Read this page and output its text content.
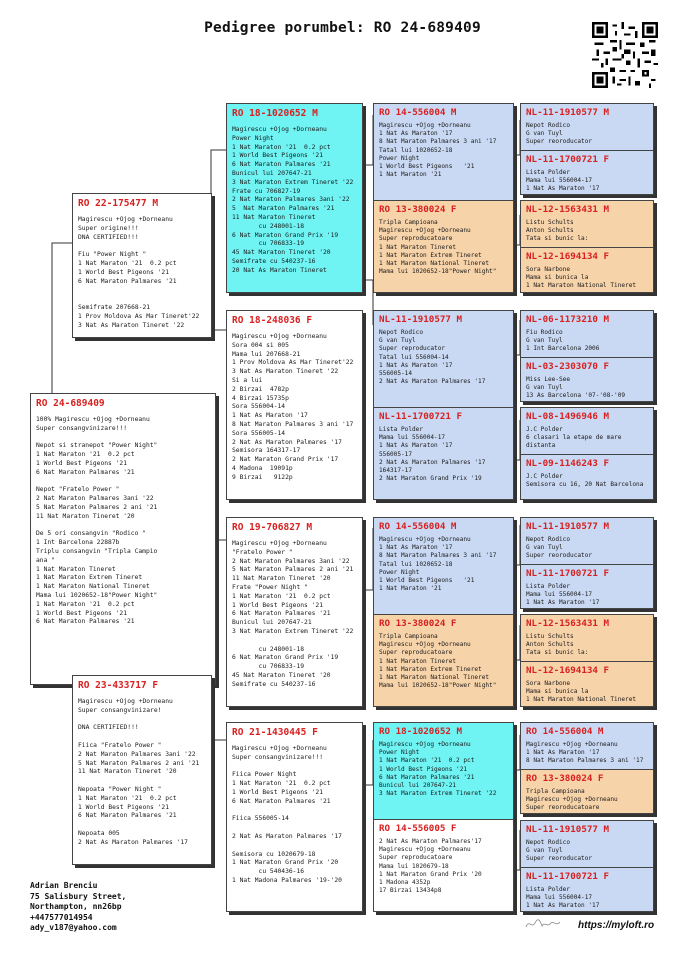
Pedigree porumbel: RO 24-689409
RO 24-689409
100% Magirescu +Ojog +Dorneanu
Super consangvinizare!!!

Nepot si stranepot "Power Night"
1 Nat Maraton '21  0.2 pct
1 World Best Pigeons '21
6 Nat Maraton Palmares '21

Nepot "Fratelo Power "
2 Nat Maraton Palmares 3ani '22
5 Nat Maraton Palmares 2 ani '21
11 Nat Maraton Tineret '20

De 5 ori consangvin "Rodico "
1 Int Barcelona 22887b
Triplu consangvin "Tripla Campio
ana "
1 Nat Maraton Tineret
1 Nat Maraton Extrem Tineret
1 Nat Maraton National Tineret
Mama lui 1020652-18"Power Night"
1 Nat Maraton '21  0.2 pct
1 World Best Pigeons '21
6 Nat Maraton Palmares '21
RO 22-175477 M
Magirescu +Ojog +Dorneanu
Super origine!!!
DNA CERTIFIED!!!

Fiu "Power Night "
1 Nat Maraton '21  0.2 pct
1 World Best Pigeons '21
6 Nat Maraton Palmares '21

Semifrate 207668-21
1 Prov Moldova As Mar Tineret'22
3 Nat As Maraton Tineret '22
RO 23-433717 F
Magirescu +Ojog +Dorneanu
Super consangvinizare!

DNA CERTIFIED!!!

Fiica "Fratelo Power "
2 Nat Maraton Palmares 3ani '22
5 Nat Maraton Palmares 2 ani '21
11 Nat Maraton Tineret '20

Nepoata "Power Night "
1 Nat Maraton '21  0.2 pct
1 World Best Pigeons '21
6 Nat Maraton Palmares '21

Nepoata 005
2 Nat As Maraton Palmares '17
RO 18-1020652 M
Magirescu +Ojog +Dorneanu
Power Night
1 Nat Maraton '21  0.2 pct
1 World Best Pigeons '21
6 Nat Maraton Palmares '21
Bunicul lui 207647-21
3 Nat Maraton Extrem Tineret '22
Frate cu 706827-19
2 Nat Maraton Palmares 3ani '22
5  Nat Maraton Palmares '21
11 Nat Maraton Tineret
cu 248001-18
6 Nat Maraton Grand Prix '19
cu 706833-19
45 Nat Maraton Tineret '20
Semifrate cu 540237-16
20 Nat As Maraton Tineret
RO 18-248036 F
Magirescu +Ojog +Dorneanu
Sora 004 si 005
Mama lui 207668-21
1 Prov Moldova As Mar Tineret'22
3 Nat As Maraton Tineret '22
Si a lui
2 Birzai  4782p
4 Birzai 15735p
Sora 556004-14
1 Nat As Maraton '17
8 Nat Maraton Palmares 3 ani '17
Sora 556005-14
2 Nat As Maraton Palmares '17
Semisora 164317-17
2 Nat Maraton Grand Prix '17
4 Madona  19091p
9 Birzai   9122p
RO 19-706827 M
Magirescu +Ojog +Dorneanu
"Fratelo Power "
2 Nat Maraton Palmares 3ani '22
5 Nat Maraton Palmares 2 ani '21
11 Nat Maraton Tineret '20
Frate "Power Night "
1 Nat Maraton '21  0.2 pct
1 World Best Pigeons '21
6 Nat Maraton Palmares '21
Bunicul lui 207647-21
3 Nat Maraton Extrem Tineret '22

cu 248001-18
6 Nat Maraton Grand Prix '19
cu 706833-19
45 Nat Maraton Tineret '20
Semifrate cu 540237-16
RO 21-1430445 F
Magirescu +Ojog +Dorneanu
Super consangvinizare!!!

Fiica Power Night
1 Nat Maraton '21  0.2 pct
1 World Best Pigeons '21
6 Nat Maraton Palmares '21

Fiica 556005-14

2 Nat As Maraton Palmares '17

Semisora cu 1020679-18
1 Nat Maraton Grand Prix '20
cu 540436-16
1 Nat Madona Palmares '19-'20
RO 14-556004 M
Magirescu +Ojog +Dorneanu
1 Nat As Maraton '17
8 Nat Maraton Palmares 3 ani '17
Tatal lui 1020652-18
Power Night
1 World Best Pigeons   '21
1 Nat Maraton '21
RO 13-380024 F
Tripla Campioana
Magirescu +Ojog +Dorneanu
Super reproducatoare
1 Nat Maraton Tineret
1 Nat Maraton Extrem Tineret
1 Nat Maraton National Tineret
Mama lui 1020652-18"Power Night"
NL-11-1910577 M
Nepot Rodico
G van Tuyl
Super reproducator
Tatal lui 556004-14
1 Nat As Maraton '17
556005-14
2 Nat As Maraton Palmares '17
NL-11-1700721 F
Lista Polder
Mama lui 556004-17
1 Nat As Maraton '17
556005-17
2 Nat As Maraton Palmares '17
164317-17
2 Nat Maraton Grand Prix '19
RO 14-556004 M
Magirescu +Ojog +Dorneanu
1 Nat As Maraton '17
8 Nat Maraton Palmares 3 ani '17
Tatal lui 1020652-18
Power Night
1 World Best Pigeons   '21
1 Nat Maraton '21
RO 13-380024 F
Tripla Campioana
Magirescu +Ojog +Dorneanu
Super reproducatoare
1 Nat Maraton Tineret
1 Nat Maraton Extrem Tineret
1 Nat Maraton National Tineret
Mama lui 1020652-18"Power Night"
RO 18-1020652 M
Magirescu +Ojog +Dorneanu
Power Night
1 Nat Maraton '21  0.2 pct
1 World Best Pigeons '21
6 Nat Maraton Palmares '21
Bunicul lui 207647-21
3 Nat Maraton Extrem Tineret '22
RO 14-556005 F
2 Nat As Maraton Palmares'17
Magirescu +Ojog +Dorneanu
Super reproducatoare
Mama lui 1020679-18
1 Nat Maraton Grand Prix '20
1 Madona 4352p
17 Birzai 13434p8
NL-11-1910577 M
Nepot Rodico
G van Tuyl
Super reoroducator
NL-11-1700721 F
Lista Polder
Mama lui 556004-17
1 Nat As Maraton '17
NL-12-1563431 M
Listu Schults
Anton Schults
Tata si bunic la:
NL-12-1694134 F
Sora Narbone
Mama si bunica la
1 Nat Maraton National Tineret
NL-06-1173210 M
Fiu Rodico
G van Tuyl
1 Int Barcelona 2006
NL-03-2303070 F
Miss Lee-See
G van Tuyl
13 As Barcelona '07-'08-'09
NL-08-1496946 M
J.C Polder
6 clasari la etape de mare
distanta
NL-09-1146243 F
J.C Polder
Semisora cu 16, 20 Nat Barcelona
NL-11-1910577 M
Nepot Rodico
G van Tuyl
Super reoroducator
NL-11-1700721 F
Lista Polder
Mama lui 556004-17
1 Nat As Maraton '17
NL-12-1563431 M
Listu Schults
Anton Schults
Tata si bunic la:
NL-12-1694134 F
Sora Narbone
Mama si bunica la
1 Nat Maraton National Tineret
RO 14-556004 M
Magirescu +Ojog +Dorneanu
1 Nat As Maraton '17
8 Nat Maraton Palmares 3 ani '17
RO 13-380024 F
Tripla Campioana
Magirescu +Ojog +Dorneanu
Super reoroducatoare
NL-11-1910577 M
Nepot Rodico
G van Tuyl
Super reoroducator
NL-11-1700721 F
Lista Polder
Mama lui 556004-17
1 Nat As Maraton '17
Adrian Brenciu
75 Salisbury Street,
Northampton, nn26bp
+447577014954
ady_v187@yahoo.com	https://myloft.ro
